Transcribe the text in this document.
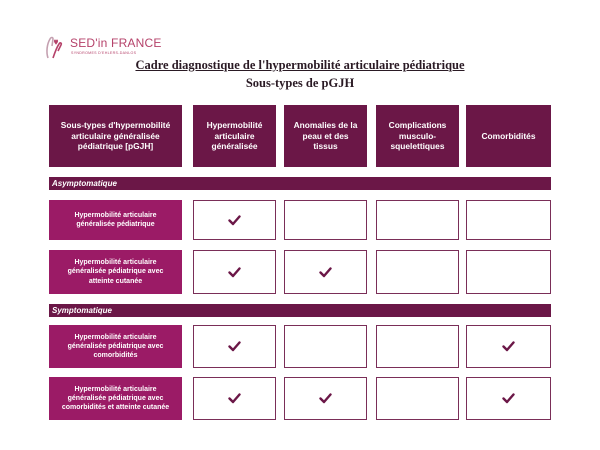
SED'in FRANCE
SYNDROMES D'EHLERS-DANLOS
Cadre diagnostique de l'hypermobilité articulaire pédiatrique
Sous-types de pGJH
Sous-types d'hypermobilité articulaire généralisée pédiatrique [pGJH]
Hypermobilité articulaire généralisée
Anomalies de la peau et des tissus
Complications musculo-squelettiques
Comorbidités
Asymptomatique
Hypermobilité articulaire généralisée pédiatrique
Hypermobilité articulaire généralisée pédiatrique avec atteinte cutanée
Symptomatique
Hypermobilité articulaire généralisée pédiatrique avec comorbidités
Hypermobilité articulaire généralisée pédiatrique avec comorbidités et atteinte cutanée
